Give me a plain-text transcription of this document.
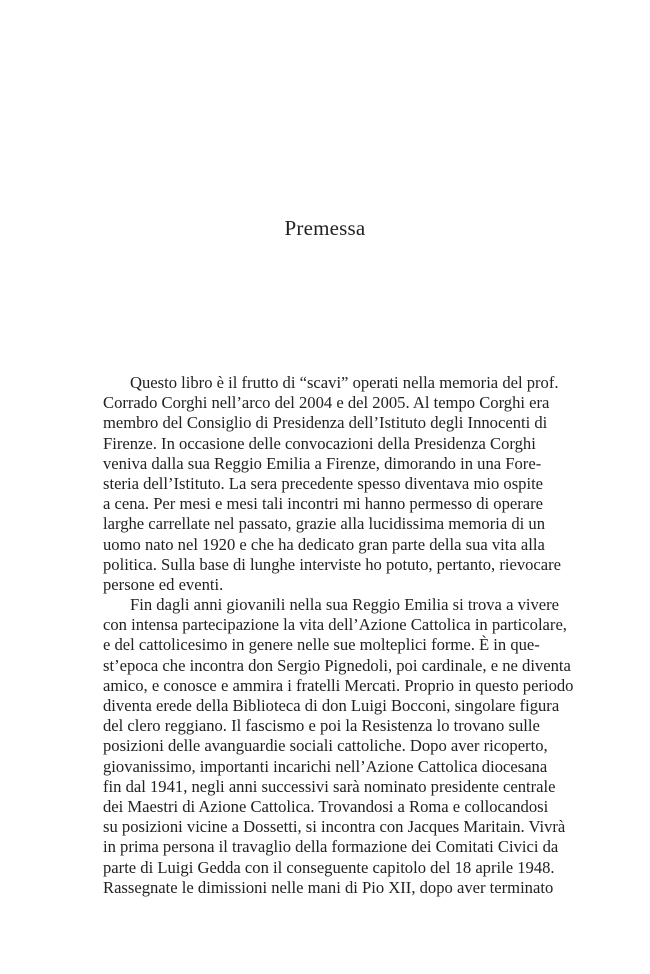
Premessa
Questo libro è il frutto di “scavi” operati nella memoria del prof.
Corrado Corghi nell’arco del 2004 e del 2005. Al tempo Corghi era
membro del Consiglio di Presidenza dell’Istituto degli Innocenti di
Firenze. In occasione delle convocazioni della Presidenza Corghi
veniva dalla sua Reggio Emilia a Firenze, dimorando in una Fore-
steria dell’Istituto. La sera precedente spesso diventava mio ospite
a cena. Per mesi e mesi tali incontri mi hanno permesso di operare
larghe carrellate nel passato, grazie alla lucidissima memoria di un
uomo nato nel 1920 e che ha dedicato gran parte della sua vita alla
politica. Sulla base di lunghe interviste ho potuto, pertanto, rievocare
persone ed eventi.
Fin dagli anni giovanili nella sua Reggio Emilia si trova a vivere
con intensa partecipazione la vita dell’Azione Cattolica in particolare,
e del cattolicesimo in genere nelle sue molteplici forme. È in que-
st’epoca che incontra don Sergio Pignedoli, poi cardinale, e ne diventa
amico, e conosce e ammira i fratelli Mercati. Proprio in questo periodo
diventa erede della Biblioteca di don Luigi Bocconi, singolare figura
del clero reggiano. Il fascismo e poi la Resistenza lo trovano sulle
posizioni delle avanguardie sociali cattoliche. Dopo aver ricoperto,
giovanissimo, importanti incarichi nell’Azione Cattolica diocesana
fin dal 1941, negli anni successivi sarà nominato presidente centrale
dei Maestri di Azione Cattolica. Trovandosi a Roma e collocandosi
su posizioni vicine a Dossetti, si incontra con Jacques Maritain. Vivrà
in prima persona il travaglio della formazione dei Comitati Civici da
parte di Luigi Gedda con il conseguente capitolo del 18 aprile 1948.
Rassegnate le dimissioni nelle mani di Pio XII, dopo aver terminato
